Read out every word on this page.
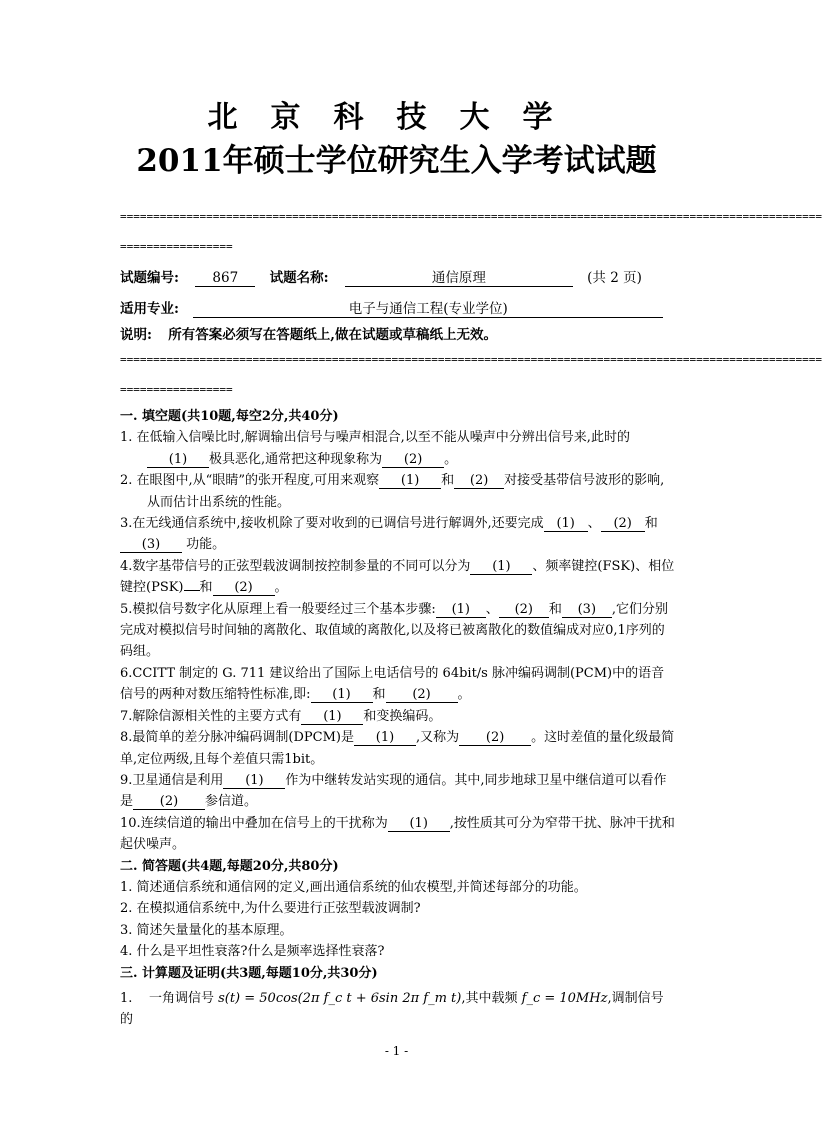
北京科技大学
2011年硕士学位研究生入学考试试题
==========================================================================================================
=================
试题编号: 867 试题名称:	通信原理	(共 2 页)
适用专业:	电子与通信工程(专业学位)
说明: 所有答案必须写在答题纸上,做在试题或草稿纸上无效。
==========================================================================================================
=================

一. 填空题(共10题,每空2分,共40分)

1. 在低输入信噪比时,解调输出信号与噪声相混合,以至不能从噪声中分辨出信号来,此时的(1) 极具恶化,通常把这种现象称为 (2) 。

2. 在眼图中,从“眼睛”的张开程度,可用来观察 (1) 和 (2) 对接受基带信号波形的影响,从而估计出系统的性能。

3.在无线通信系统中,接收机除了要对收到的已调信号进行解调外,还要完成 (1) 、 (2) 和(3) 功能。

4.数字基带信号的正弦型载波调制按控制参量的不同可以分为 (1) 、频率键控(FSK)、相位键控(PSK) 和 (2) 。

5.模拟信号数字化从原理上看一般要经过三个基本步骤: (1) 、 (2) 和 (3) ,它们分别完成对模拟信号时间轴的离散化、取值域的离散化,以及将已被离散化的数值编成对应0,1序列的码组。

6.CCITT 制定的 G. 711 建议给出了国际上电话信号的 64bit/s 脉冲编码调制(PCM)中的语音信号的两种对数压缩特性标准,即: (1) 和 (2) 。

7.解除信源相关性的主要方式有 (1) 和变换编码。

8.最简单的差分脉冲编码调制(DPCM)是 (1) ,又称为 (2) 。这时差值的量化级最简单,定位两级,且每个差值只需1bit。

9.卫星通信是利用 (1) 作为中继转发站实现的通信。其中,同步地球卫星中继信道可以看作是 (2) 参信道。

10.连续信道的输出中叠加在信号上的干扰称为 (1) ,按性质其可分为窄带干扰、脉冲干扰和起伏噪声。

二. 简答题(共4题,每题20分,共80分)

1. 简述通信系统和通信网的定义,画出通信系统的仙农模型,并简述每部分的功能。

2. 在模拟通信系统中,为什么要进行正弦型载波调制?

3. 简述矢量量化的基本原理。

4. 什么是平坦性衰落?什么是频率选择性衰落?

三. 计算题及证明(共3题,每题10分,共30分)

1. 一角调信号 s(t) = 50cos(2π f_c t + 6sin 2π f_m t),其中载频 f_c = 10MHz,调制信号的

- 1 -
